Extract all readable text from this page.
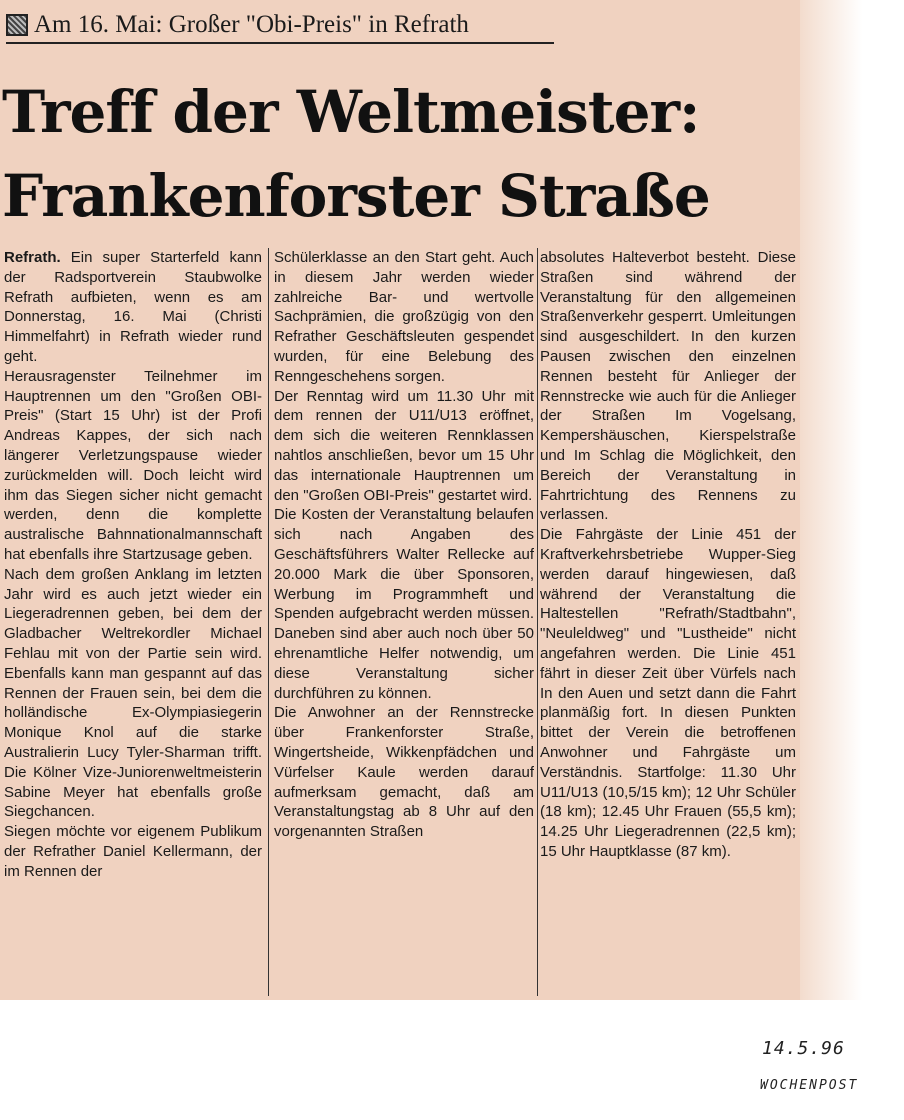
Am 16. Mai: Großer "Obi-Preis" in Refrath
Treff der Weltmeister:
Frankenforster Straße

Refrath. Ein super Starterfeld kann der Radsportverein Staubwolke Refrath aufbieten, wenn es am Donnerstag, 16. Mai (Christi Himmelfahrt) in Refrath wieder rund geht.

Herausragenster Teilnehmer im Hauptrennen um den "Großen OBI-Preis" (Start 15 Uhr) ist der Profi Andreas Kappes, der sich nach längerer Verletzungspause wieder zurückmelden will. Doch leicht wird ihm das Siegen sicher nicht gemacht werden, denn die komplette australische Bahnnationalmannschaft hat ebenfalls ihre Startzusage geben.

Nach dem großen Anklang im letzten Jahr wird es auch jetzt wieder ein Liegeradrennen geben, bei dem der Gladbacher Weltrekordler Michael Fehlau mit von der Partie sein wird. Ebenfalls kann man gespannt auf das Rennen der Frauen sein, bei dem die holländische Ex-Olympiasiegerin Monique Knol auf die starke Australierin Lucy Tyler-Sharman trifft. Die Kölner Vize-Juniorenweltmeisterin Sabine Meyer hat ebenfalls große Siegchancen.

Siegen möchte vor eigenem Publikum der Refrather Daniel Kellermann, der im Rennen der

Schülerklasse an den Start geht. Auch in diesem Jahr werden wieder zahlreiche Bar- und wertvolle Sachprämien, die großzügig von den Refrather Geschäftsleuten gespendet wurden, für eine Belebung des Renngeschehens sorgen.

Der Renntag wird um 11.30 Uhr mit dem rennen der U11/U13 eröffnet, dem sich die weiteren Rennklassen nahtlos anschließen, bevor um 15 Uhr das internationale Hauptrennen um den "Großen OBI-Preis" gestartet wird.

Die Kosten der Veranstaltung belaufen sich nach Angaben des Geschäftsführers Walter Rellecke auf 20.000 Mark die über Sponsoren, Werbung im Programmheft und Spenden aufgebracht werden müssen. Daneben sind aber auch noch über 50 ehrenamtliche Helfer notwendig, um diese Veranstaltung sicher durchführen zu können.

Die Anwohner an der Rennstrecke über Frankenforster Straße, Wingertsheide, Wikkenpfädchen und Vürfelser Kaule werden darauf aufmerksam gemacht, daß am Veranstaltungstag ab 8 Uhr auf den vorgenannten Straßen

absolutes Halteverbot besteht. Diese Straßen sind während der Veranstaltung für den allgemeinen Straßenverkehr gesperrt. Umleitungen sind ausgeschildert. In den kurzen Pausen zwischen den einzelnen Rennen besteht für Anlieger der Rennstrecke wie auch für die Anlieger der Straßen Im Vogelsang, Kempershäuschen, Kierspelstraße und Im Schlag die Möglichkeit, den Bereich der Veranstaltung in Fahrtrichtung des Rennens zu verlassen.

Die Fahrgäste der Linie 451 der Kraftverkehrsbetriebe Wupper-Sieg werden darauf hingewiesen, daß während der Veranstaltung die Haltestellen "Refrath/Stadtbahn", "Neuleldweg" und "Lustheide" nicht angefahren werden. Die Linie 451 fährt in dieser Zeit über Vürfels nach In den Auen und setzt dann die Fahrt planmäßig fort. In diesen Punkten bittet der Verein die betroffenen Anwohner und Fahrgäste um Verständnis. Startfolge: 11.30 Uhr U11/U13 (10,5/15 km); 12 Uhr Schüler (18 km); 12.45 Uhr Frauen (55,5 km); 14.25 Uhr Liegeradrennen (22,5 km); 15 Uhr Hauptklasse (87 km).

14.5.96
WOCHENPOST
